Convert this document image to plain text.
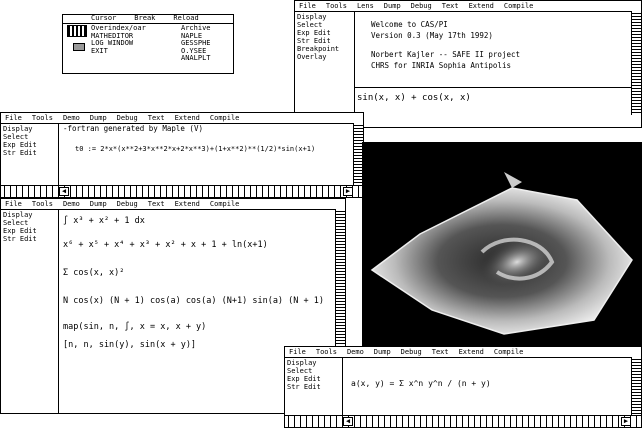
Cursor	Break	Reload
Overindex/oar
MATHEDITOR
LOG WINDOW
EXIT
Archive
NAPLE
GESSPHE
O.YSEE
ANALPLT
File Tools Lens Dump Debug Text Extend Compile
Display
Select
Exp Edit
Str Edit
Breakpoint
Overlay
Welcome to CAS/PI
Version 0.3 (May 17th 1992)
Norbert Kajler -- SAFE II project
CHRS for INRIA Sophia Antipolis
sin(x, x) + cos(x, x)
File Tools Demo Dump Debug Text Extend Compile
Display
Select
Exp Edit
Str Edit
-fortran generated by Maple (V)
t0 := 2*x*(x**2+3*x**2*x+2*x**3)+(1+x**2)**(1/2)*sin(x+1)
◀	▶
File Tools Demo Dump Debug Text Extend Compile
Display
Select
Exp Edit
Str Edit
∫ x³ + x² + 1 dx
x⁶ + x⁵ + x⁴ + x³ + x² + x + 1 + ln(x+1)
Σ cos(x, x)²
N cos(x) (N + 1) cos(a) cos(a) (N+1) sin(a) (N + 1)
map(sin, n, ∫, x = x, x + y)
[n, n, sin(y), sin(x + y)]
File Tools Demo Dump Debug Text Extend Compile
Display
Select
Exp Edit
Str Edit	a(x, y) = Σ x^n y^n / (n + y)
◀	▶
